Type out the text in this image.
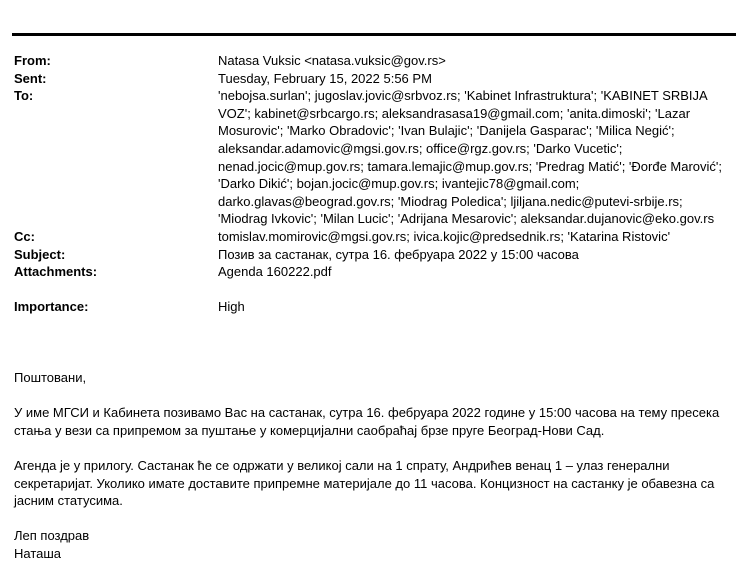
From:	Natasa Vuksic <natasa.vuksic@gov.rs>
Sent:	Tuesday, February 15, 2022 5:56 PM
To:	'nebojsa.surlan'; jugoslav.jovic@srbvoz.rs; 'Kabinet Infrastruktura'; 'KABINET SRBIJA VOZ'; kabinet@srbcargo.rs; aleksandrasasa19@gmail.com; 'anita.dimoski'; 'Lazar Mosurovic'; 'Marko Obradovic'; 'Ivan Bulajic'; 'Danijela Gasparac'; 'Milica Negić'; aleksandar.adamovic@mgsi.gov.rs; office@rgz.gov.rs; 'Darko Vucetic'; nenad.jocic@mup.gov.rs; tamara.lemajic@mup.gov.rs; 'Predrag Matić'; 'Đorđe Marović'; 'Darko Dikić'; bojan.jocic@mup.gov.rs; ivantejic78@gmail.com; darko.glavas@beograd.gov.rs; 'Miodrag Poledica'; ljiljana.nedic@putevi-srbije.rs; 'Miodrag Ivkovic'; 'Milan Lucic'; 'Adrijana Mesarovic'; aleksandar.dujanovic@eko.gov.rs
Cc:	tomislav.momirovic@mgsi.gov.rs; ivica.kojic@predsednik.rs; 'Katarina Ristovic'
Subject:	Позив за састанак, сутра 16. фебруара 2022 у 15:00 часова
Attachments:	Agenda 160222.pdf
Importance:	High

Поштовани,

У име МГСИ и Кабинета позивамо Вас на састанак, сутра 16. фебруара 2022 године у 15:00 часова на тему пресека стања у вези са припремом за пуштање у комерцијални саобраћај брзе пруге Београд-Нови Сад.

Агенда је у прилогу. Састанак ће се одржати у великој сали на 1 спрату, Андрићев венац 1 – улаз генерални секретаријат. Уколико имате доставите припремне материјале до 11 часова. Концизност на састанку је обавезна са јасним статусима.

Леп поздрав

Наташа
